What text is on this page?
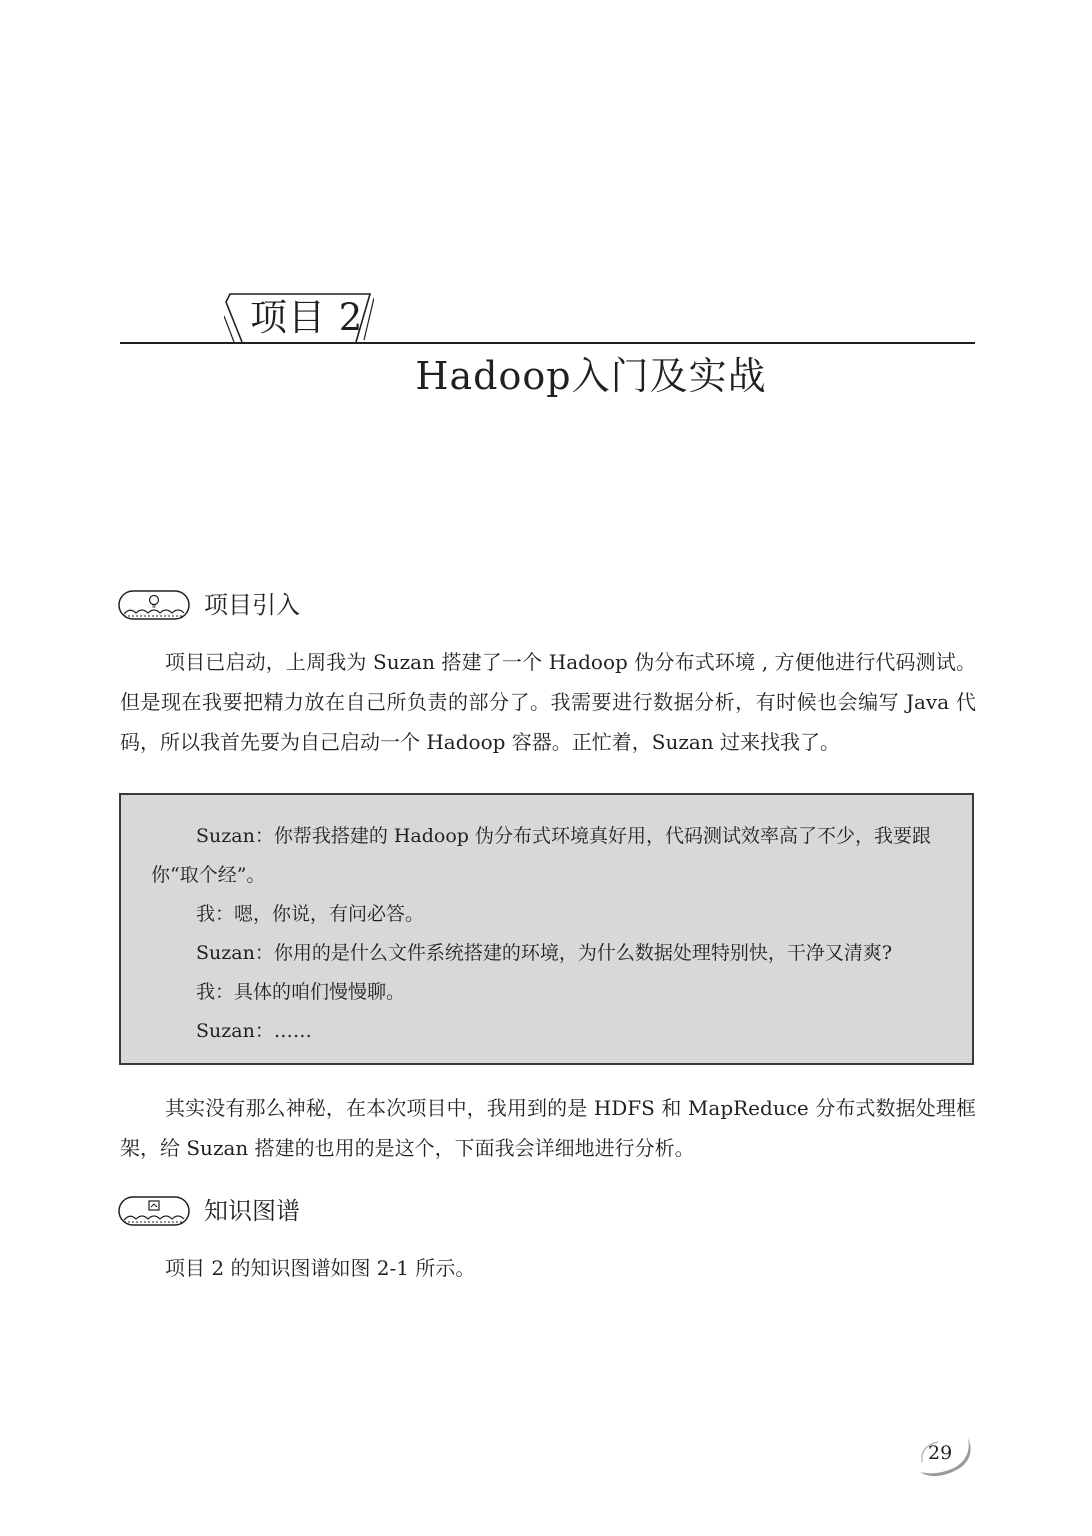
项目 2
Hadoop入门及实战
项目引入

项目已启动，上周我为 Suzan 搭建了一个 Hadoop 伪分布式环境 , 方便他进行代码测试。但是现在我要把精力放在自己所负责的部分了。我需要进行数据分析，有时候也会编写 Java 代码，所以我首先要为自己启动一个 Hadoop 容器。正忙着，Suzan 过来找我了。

Suzan：你帮我搭建的 Hadoop 伪分布式环境真好用，代码测试效率高了不少，我要跟你“取个经”。

我：嗯，你说，有问必答。

Suzan：你用的是什么文件系统搭建的环境，为什么数据处理特别快，干净又清爽?

我：具体的咱们慢慢聊。

Suzan：……

其实没有那么神秘，在本次项目中，我用到的是 HDFS 和 MapReduce 分布式数据处理框架，给 Suzan 搭建的也用的是这个，下面我会详细地进行分析。

知识图谱

项目 2 的知识图谱如图 2-1 所示。

29
